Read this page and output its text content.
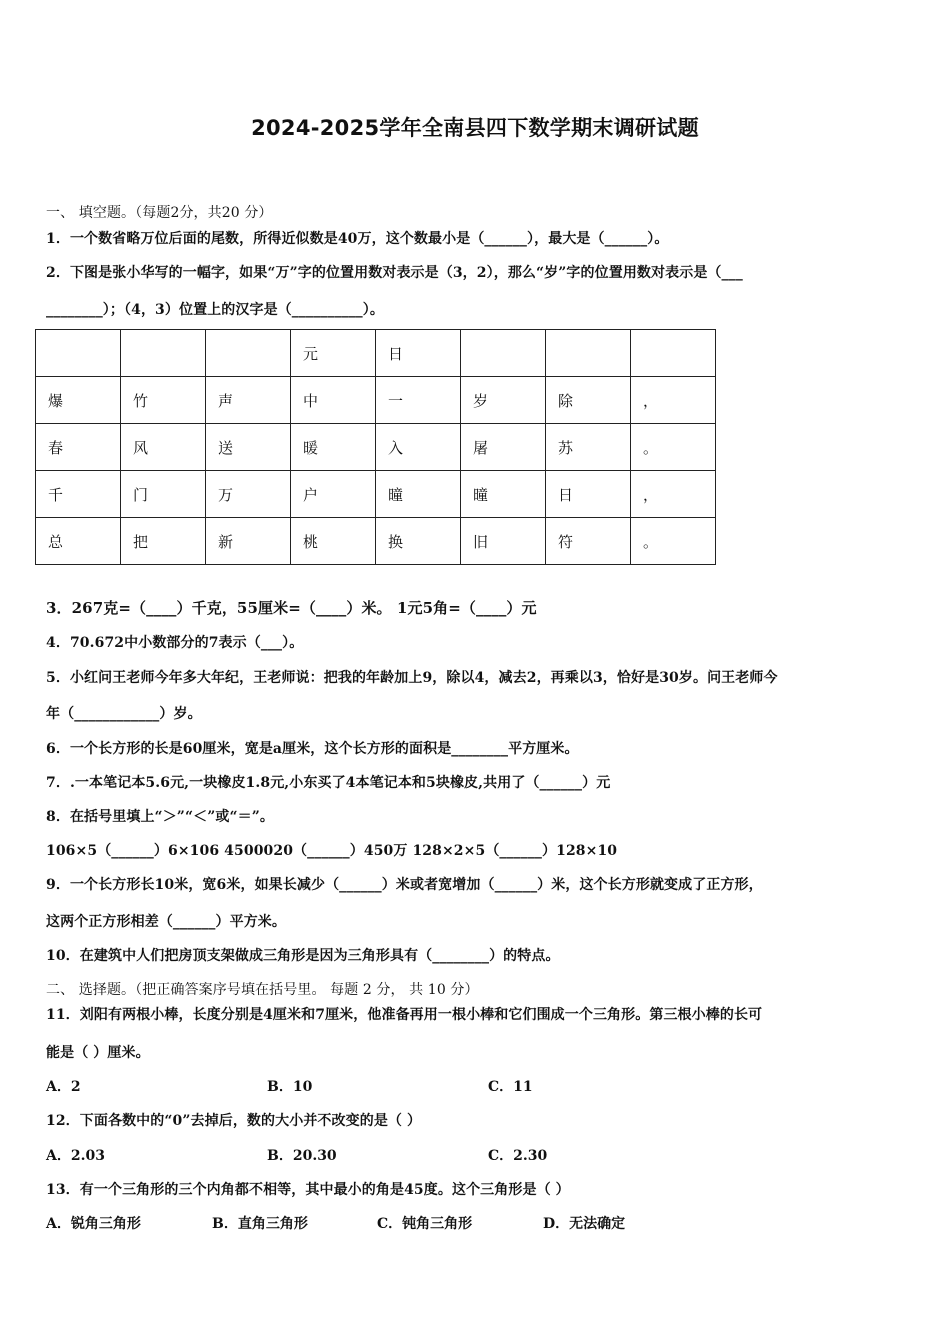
2024-2025学年全南县四下数学期末调研试题
一、 填空题。（每题2分，共20 分）
1．一个数省略万位后面的尾数，所得近似数是40万，这个数最小是（______），最大是（______）。
2．下图是张小华写的一幅字，如果“万”字的位置用数对表示是（3，2），那么“岁”字的位置用数对表示是（___
________）；（4，3）位置上的汉字是（__________）。
			元	日			
爆	竹	声	中	一	岁	除	，
春	风	送	暖	入	屠	苏	。
千	门	万	户	曈	曈	日	，
总	把	新	桃	换	旧	符	。
3．267克=（____）千克，55厘米=（____）米。 1元5角=（____）元
4．70.672中小数部分的7表示（___）。
5．小红问王老师今年多大年纪，王老师说：把我的年龄加上9，除以4，减去2，再乘以3，恰好是30岁。问王老师今
年（____________）岁。
6．一个长方形的长是60厘米，宽是a厘米，这个长方形的面积是________平方厘米。
7．.一本笔记本5.6元,一块橡皮1.8元,小东买了4本笔记本和5块橡皮,共用了（______）元
8．在括号里填上“＞”“＜”或“＝”。
106×5（______）6×106 4500020（______）450万 128×2×5（______）128×10
9．一个长方形长10米，宽6米，如果长减少（______）米或者宽增加（______）米，这个长方形就变成了正方形，
这两个正方形相差（______）平方米。
10．在建筑中人们把房顶支架做成三角形是因为三角形具有（________）的特点。
二、 选择题。（把正确答案序号填在括号里。 每题 2 分， 共 10 分）
11．刘阳有两根小棒，长度分别是4厘米和7厘米，他准备再用一根小棒和它们围成一个三角形。第三根小棒的长可
能是（ ）厘米。
A．2	B．10	C．11
12．下面各数中的“0”去掉后，数的大小并不改变的是（ ）
A．2.03	B．20.30	C．2.30
13．有一个三角形的三个内角都不相等，其中最小的角是45度。这个三角形是（ ）
A．锐角三角形	B．直角三角形	C．钝角三角形	D．无法确定
